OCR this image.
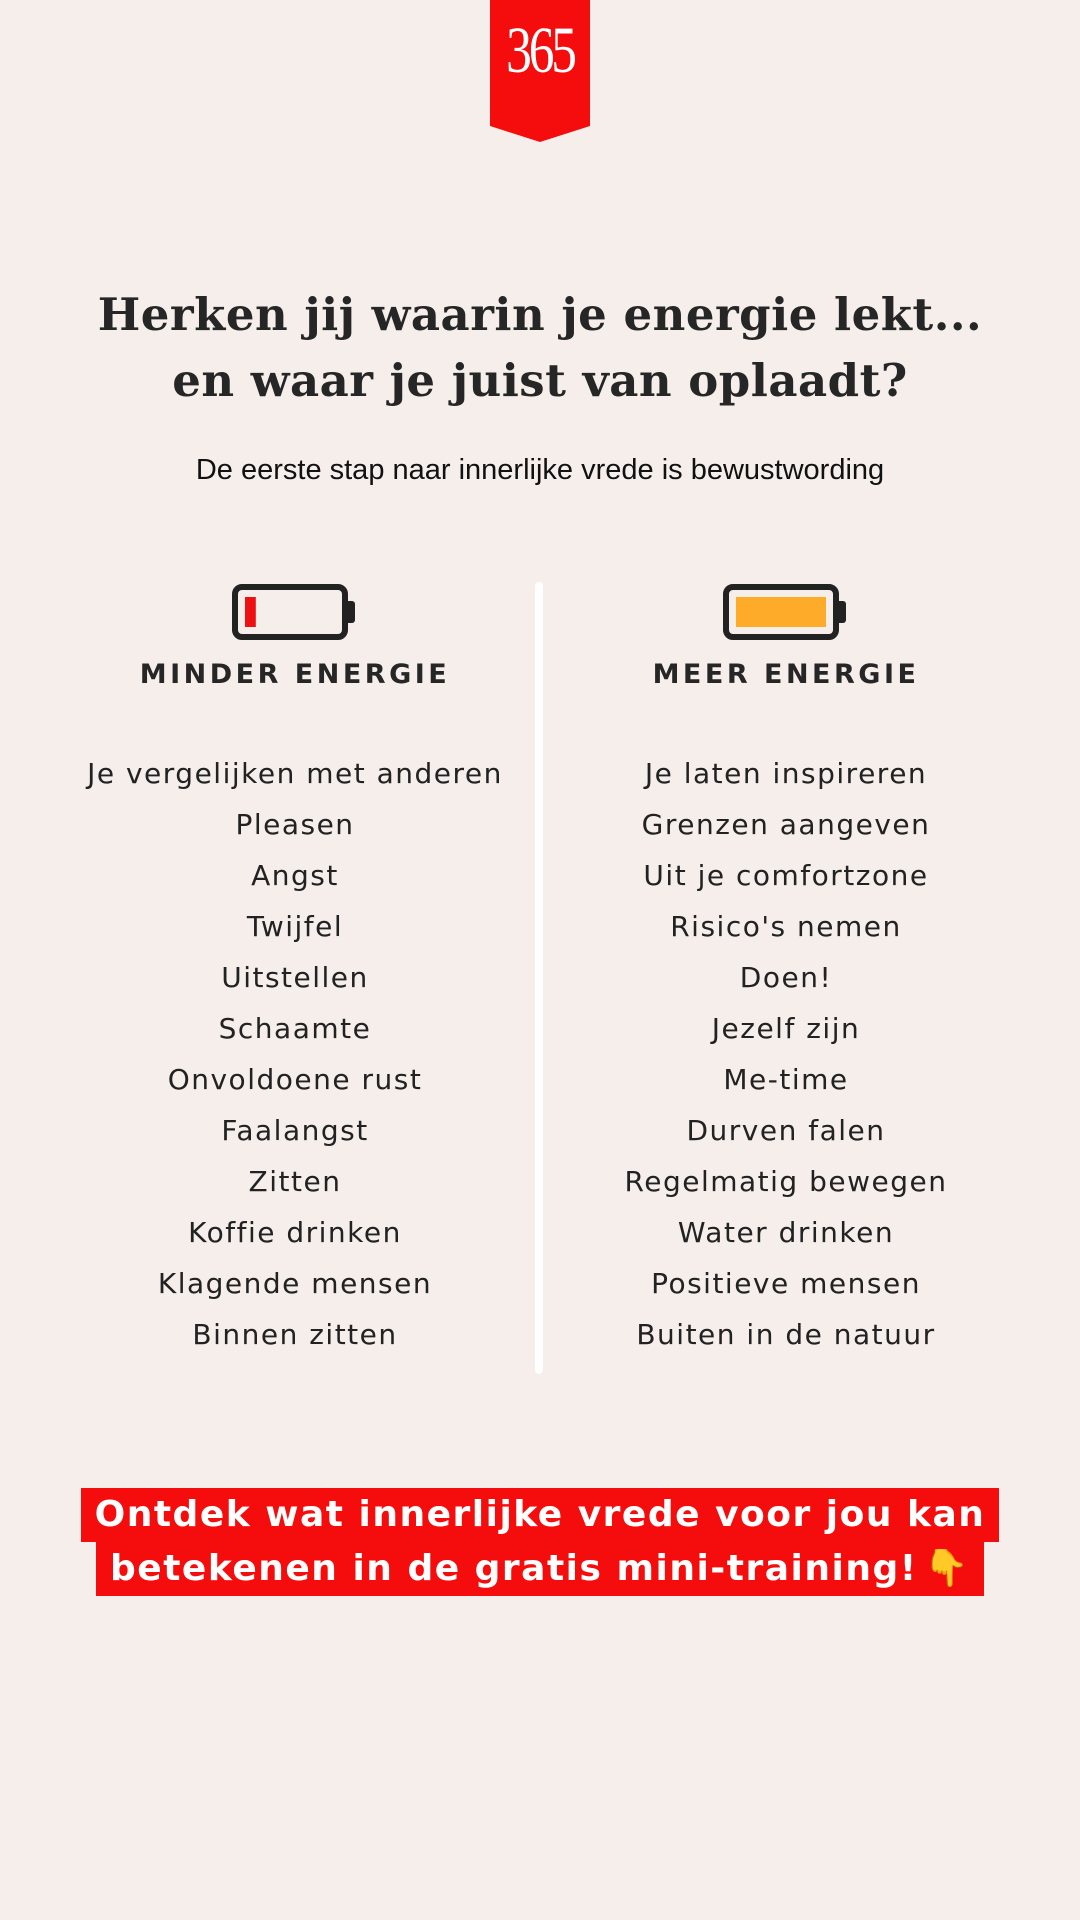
365
Herken jij waarin je energie lekt...
en waar je juist van oplaadt?
De eerste stap naar innerlijke vrede is bewustwording
MINDER ENERGIE
Je vergelijken met anderen
Pleasen
Angst
Twijfel
Uitstellen
Schaamte
Onvoldoene rust
Faalangst
Zitten
Koffie drinken
Klagende mensen
Binnen zitten
MEER ENERGIE
Je laten inspireren
Grenzen aangeven
Uit je comfortzone
Risico's nemen
Doen!
Jezelf zijn
Me-time
Durven falen
Regelmatig bewegen
Water drinken
Positieve mensen
Buiten in de natuur
Ontdek wat innerlijke vrede voor jou kan
betekenen in de gratis mini-training! 👇
